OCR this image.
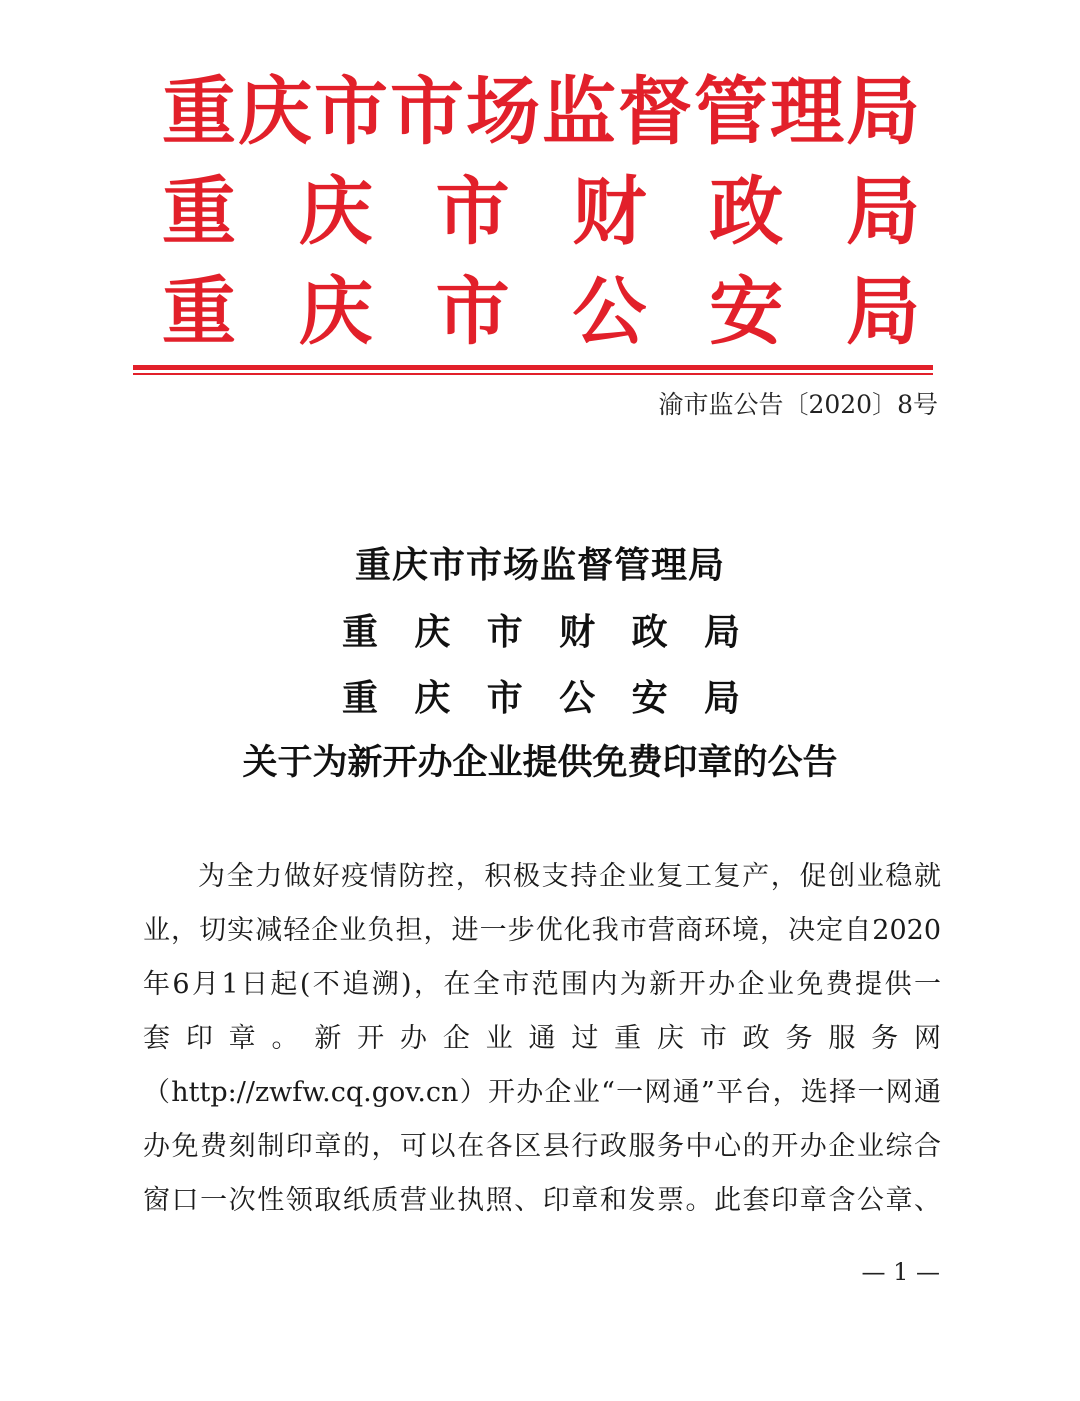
重 庆 市 市 场 监 督 管 理 局
重 庆 市 财 政 局
重 庆 市 公 安 局
渝市监公告〔2020〕8号
重庆市市场监督管理局
重 庆 市 财 政 局
重 庆 市 公 安 局
关于为新开办企业提供免费印章的公告
为全力做好疫情防控，积极支持企业复工复产，促创业稳就
业，切实减轻企业负担，进一步优化我市营商环境，决定自2020
年6月1日起(不追溯)，在全市范围内为新开办企业免费提供一
套印章。新开办企业通过重庆市政务服务网
（http://zwfw.cq.gov.cn）开办企业“一网通”平台，选择一网通
办免费刻制印章的，可以在各区县行政服务中心的开办企业综合
窗口一次性领取纸质营业执照、印章和发票。此套印章含公章、
— 1 —
